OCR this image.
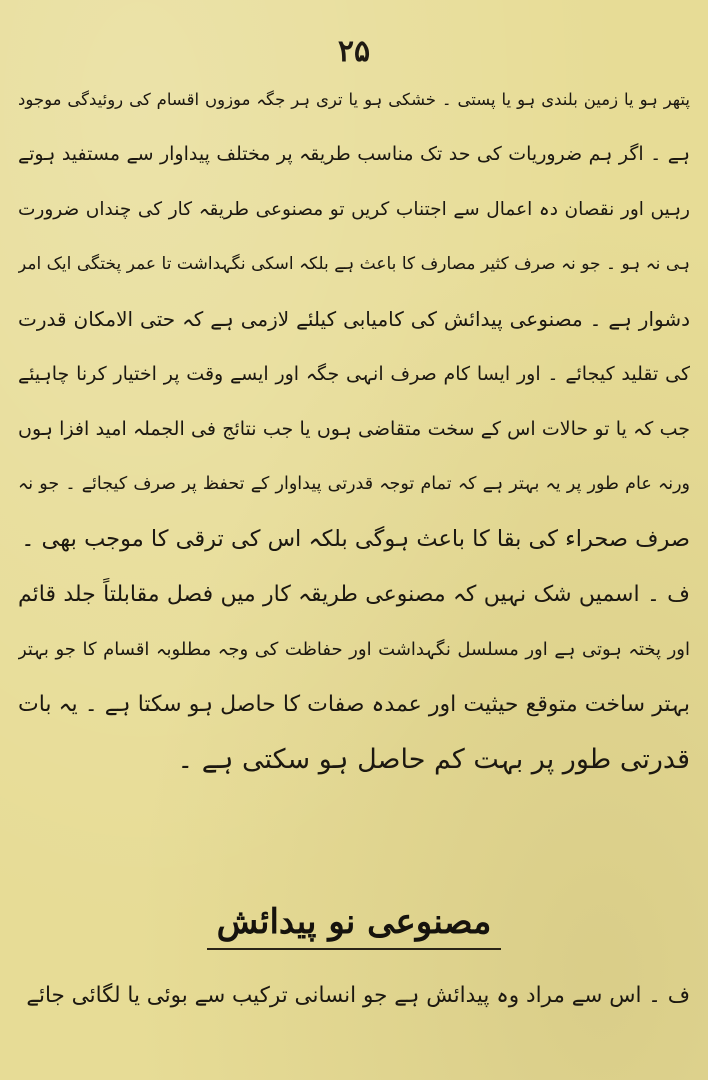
۲۵
پتھر ہو یا زمین بلندی ہو یا پستی ۔ خشکی ہو یا تری ہر جگہ موزوں اقسام کی روئیدگی موجود
ہے ۔ اگر ہم ضروریات کی حد تک مناسب طریقہ پر مختلف پیداوار سے مستفید ہوتے
رہیں اور نقصان دہ اعمال سے اجتناب کریں تو مصنوعی طریقہ کار کی چنداں ضرورت
ہی نہ ہو ۔ جو نہ صرف کثیر مصارف کا باعث ہے بلکہ اسکی نگہداشت تا عمر پختگی ایک امر
دشوار ہے ۔ مصنوعی پیدائش کی کامیابی کیلئے لازمی ہے کہ حتی الامکان قدرت
کی تقلید کیجائے ۔ اور ایسا کام صرف انہی جگہ اور ایسے وقت پر اختیار کرنا چاہیئے
جب کہ یا تو حالات اس کے سخت متقاضی ہوں یا جب نتائج فی الجملہ امید افزا ہوں
ورنہ عام طور پر یہ بہتر ہے کہ تمام توجہ قدرتی پیداوار کے تحفظ پر صرف کیجائے ۔ جو نہ
صرف صحراء کی بقا کا باعث ہوگی بلکہ اس کی ترقی کا موجب بھی ۔
ف ۔ اسمیں شک نہیں کہ مصنوعی طریقہ کار میں فصل مقابلتاً جلد قائم
اور پختہ ہوتی ہے اور مسلسل نگہداشت اور حفاظت کی وجہ مطلوبہ اقسام کا جو بہتر
بہتر ساخت متوقع حیثیت اور عمدہ صفات کا حاصل ہو سکتا ہے ۔ یہ بات
قدرتی طور پر بہت کم حاصل ہو سکتی ہے ۔
مصنوعی نو پیدائش
ف ۔ اس سے مراد وہ پیدائش ہے جو انسانی ترکیب سے بوئی یا لگائی جائے
